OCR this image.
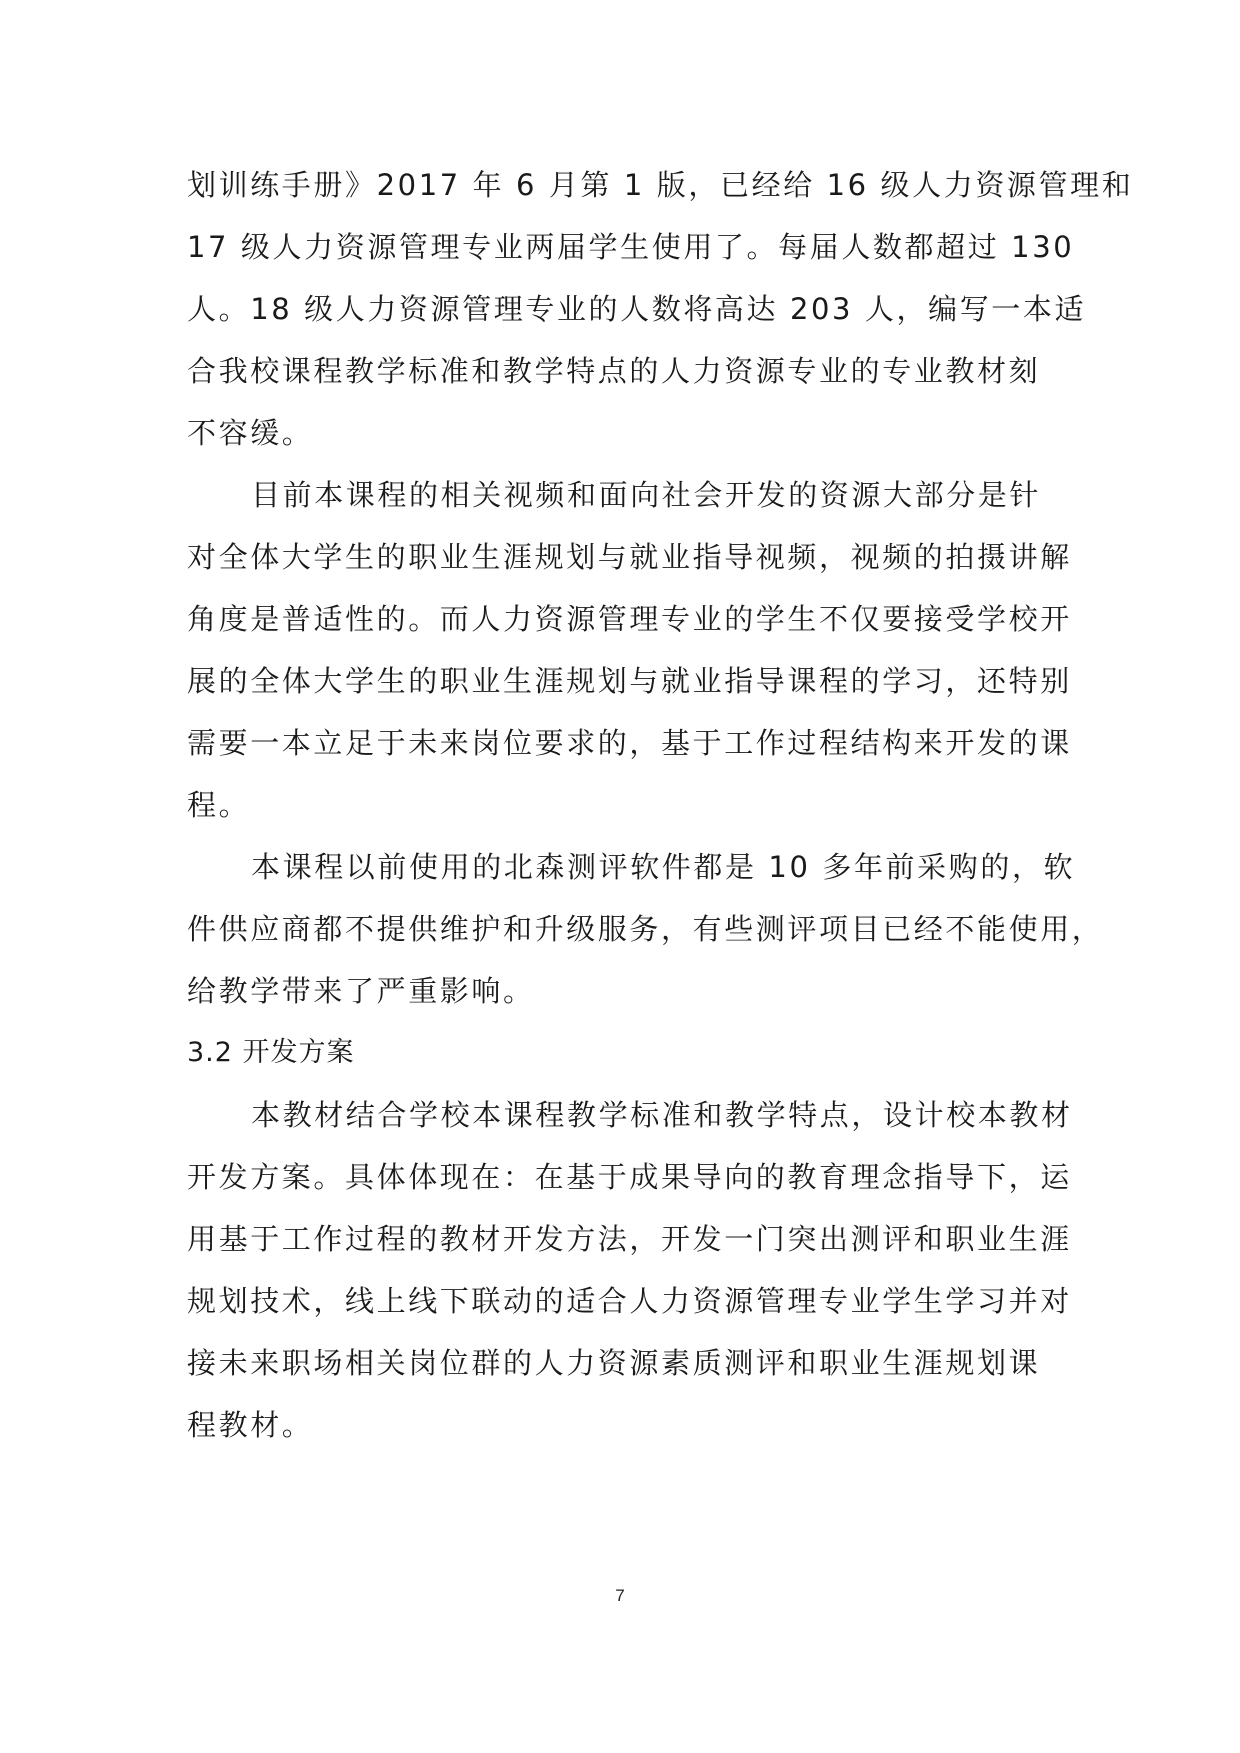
划训练手册》2017 年 6 月第 1 版，已经给 16 级人力资源管理和
17 级人力资源管理专业两届学生使用了。每届人数都超过 130
人。18 级人力资源管理专业的人数将高达 203 人，编写一本适
合我校课程教学标准和教学特点的人力资源专业的专业教材刻
不容缓。
目前本课程的相关视频和面向社会开发的资源大部分是针
对全体大学生的职业生涯规划与就业指导视频，视频的拍摄讲解
角度是普适性的。而人力资源管理专业的学生不仅要接受学校开
展的全体大学生的职业生涯规划与就业指导课程的学习，还特别
需要一本立足于未来岗位要求的，基于工作过程结构来开发的课
程。
本课程以前使用的北森测评软件都是 10 多年前采购的，软
件供应商都不提供维护和升级服务，有些测评项目已经不能使用，
给教学带来了严重影响。
3.2 开发方案
本教材结合学校本课程教学标准和教学特点，设计校本教材
开发方案。具体体现在：在基于成果导向的教育理念指导下，运
用基于工作过程的教材开发方法，开发一门突出测评和职业生涯
规划技术，线上线下联动的适合人力资源管理专业学生学习并对
接未来职场相关岗位群的人力资源素质测评和职业生涯规划课
程教材。
7
